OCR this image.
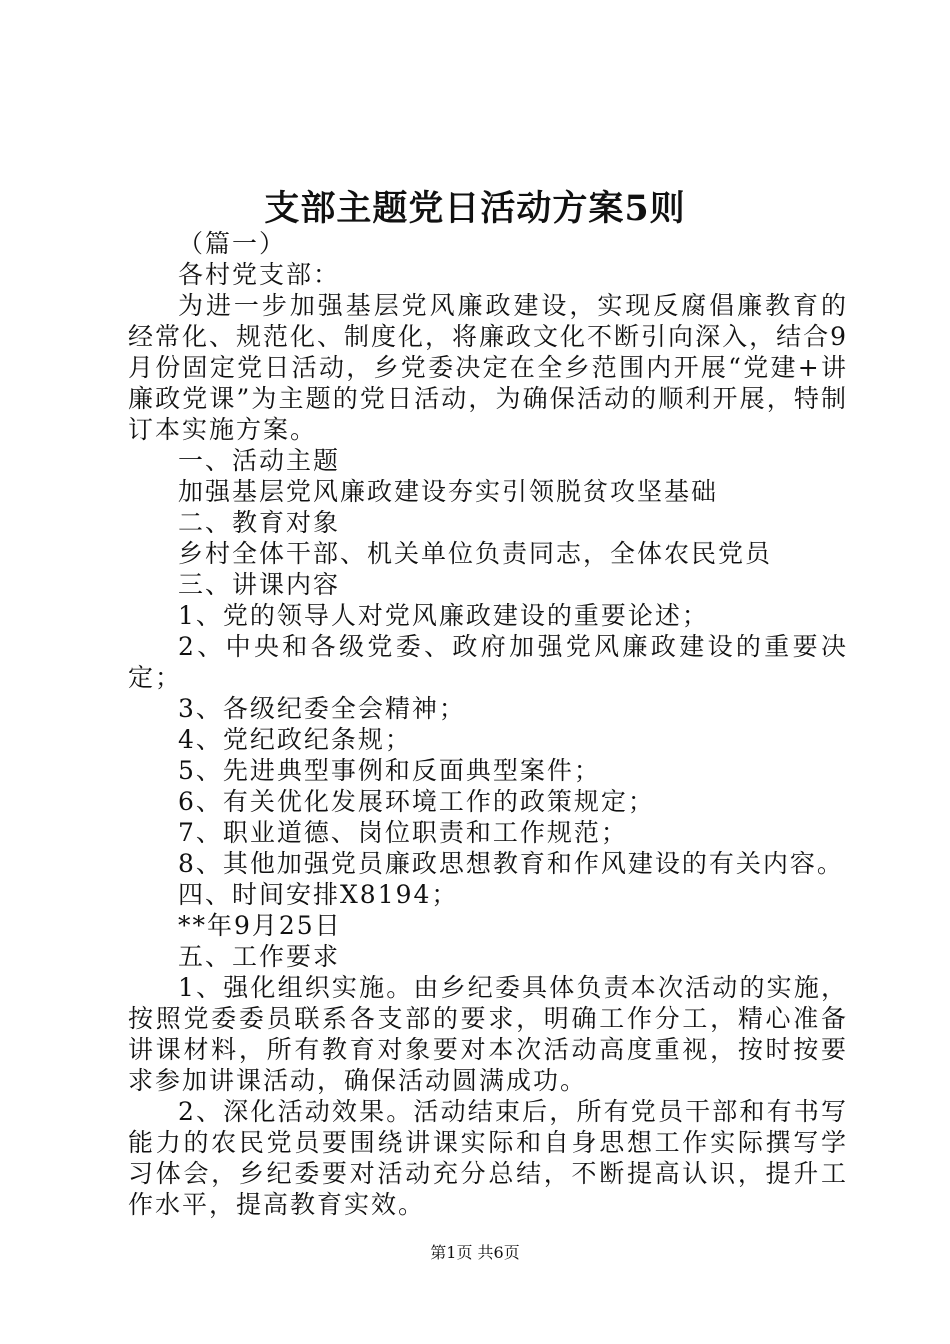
支部主题党日活动方案5则

（篇一）

各村党支部：

为进一步加强基层党风廉政建设，实现反腐倡廉教育的经常化、规范化、制度化，将廉政文化不断引向深入，结合9月份固定党日活动，乡党委决定在全乡范围内开展“党建+讲廉政党课”为主题的党日活动，为确保活动的顺利开展，特制订本实施方案。

一、活动主题

加强基层党风廉政建设夯实引领脱贫攻坚基础

二、教育对象

乡村全体干部、机关单位负责同志，全体农民党员

三、讲课内容

1、党的领导人对党风廉政建设的重要论述；

2、中央和各级党委、政府加强党风廉政建设的重要决定；

3、各级纪委全会精神；

4、党纪政纪条规；

5、先进典型事例和反面典型案件；

6、有关优化发展环境工作的政策规定；

7、职业道德、岗位职责和工作规范；

8、其他加强党员廉政思想教育和作风建设的有关内容。

四、时间安排X8194；

**年9月25日

五、工作要求

1、强化组织实施。由乡纪委具体负责本次活动的实施，按照党委委员联系各支部的要求，明确工作分工，精心准备讲课材料，所有教育对象要对本次活动高度重视，按时按要求参加讲课活动，确保活动圆满成功。

2、深化活动效果。活动结束后，所有党员干部和有书写能力的农民党员要围绕讲课实际和自身思想工作实际撰写学习体会，乡纪委要对活动充分总结，不断提高认识，提升工作水平，提高教育实效。

第1页 共6页
